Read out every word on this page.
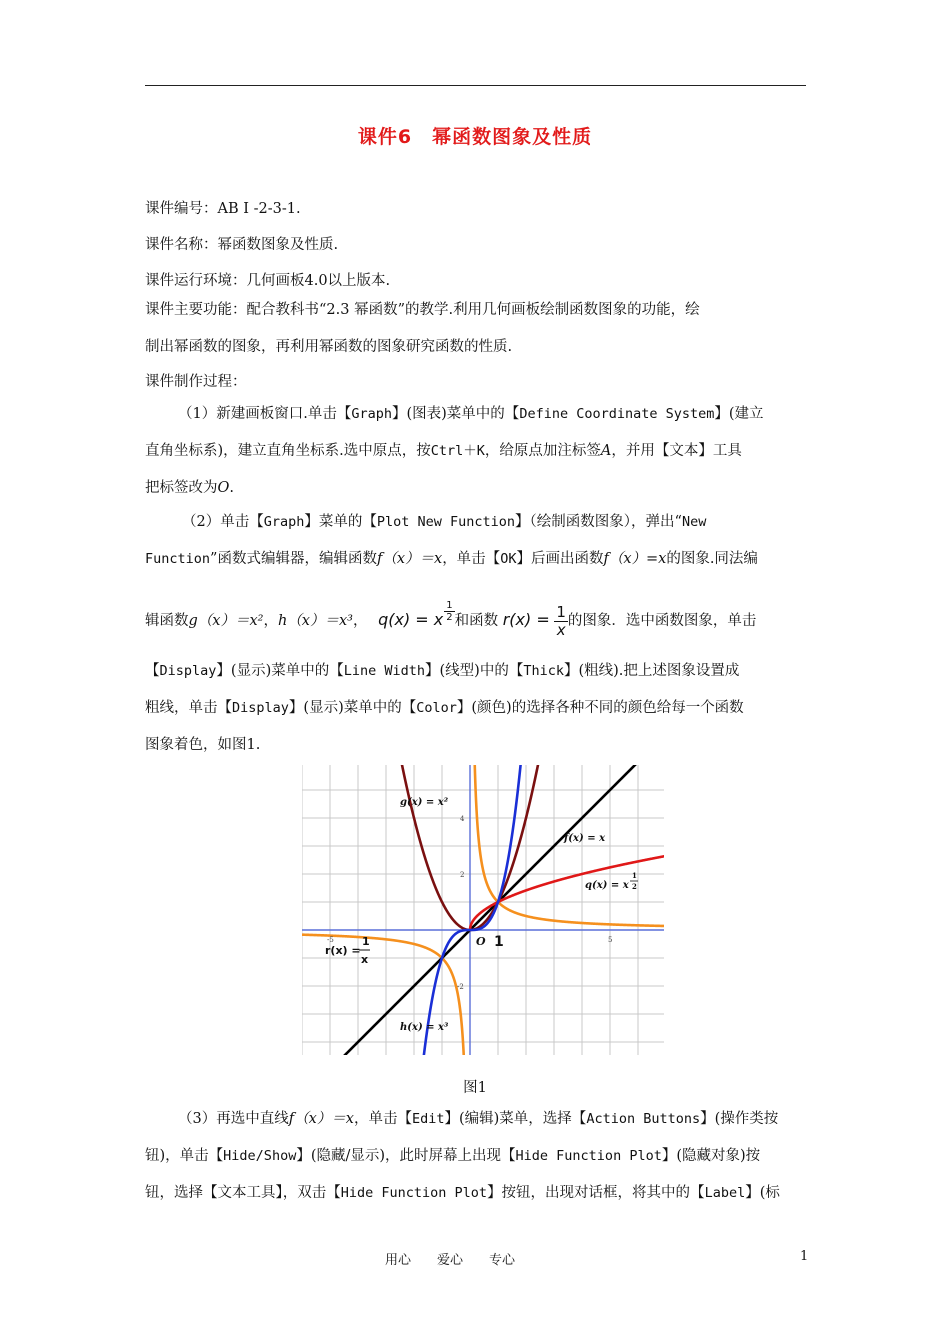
课件6　幂函数图象及性质
课件编号：AB Ⅰ -2-3-1.
课件名称：幂函数图象及性质.
课件运行环境：几何画板4.0以上版本.
课件主要功能：配合教科书“2.3 幂函数”的教学.利用几何画板绘制函数图象的功能，绘
制出幂函数的图象，再利用幂函数的图象研究函数的性质.
课件制作过程：
（1）新建画板窗口.单击【Graph】(图表)菜单中的【Define Coordinate System】(建立
直角坐标系)，建立直角坐标系.选中原点，按Ctrl＋K，给原点加注标签A，并用【文本】工具
把标签改为O.
（2）单击【Graph】菜单的【Plot New Function】（绘制函数图象），弹出“New
Function”函数式编辑器，编辑函数f（x）＝x，单击【OK】后画出函数f（x）=x的图象.同法编
辑函数g（x）＝x²，h（x）＝x³， q(x) = x $\frac{1}{2}$ 和函数 $r(x) = \frac{1}{x}$ 的图象．选中函数图象，单击
【Display】(显示)菜单中的【Line Width】(线型)中的【Thick】(粗线).把上述图象设置成
粗线，单击【Display】(显示)菜单中的【Color】(颜色)的选择各种不同的颜色给每一个函数
图象着色，如图1.
g(x) = x²
f(x) = x
q(x) = x
1
2
r(x) =
1
x
h(x) = x³
O 1
-5	5
4
2
-2
图1
（3）再选中直线f（x）＝x，单击【Edit】(编辑)菜单，选择【Action Buttons】(操作类按
钮)，单击【Hide/Show】(隐藏/显示)，此时屏幕上出现【Hide Function Plot】(隐藏对象)按
钮，选择【文本工具】，双击【Hide Function Plot】按钮，出现对话框，将其中的【Label】(标
用心 爱心 专心	1
